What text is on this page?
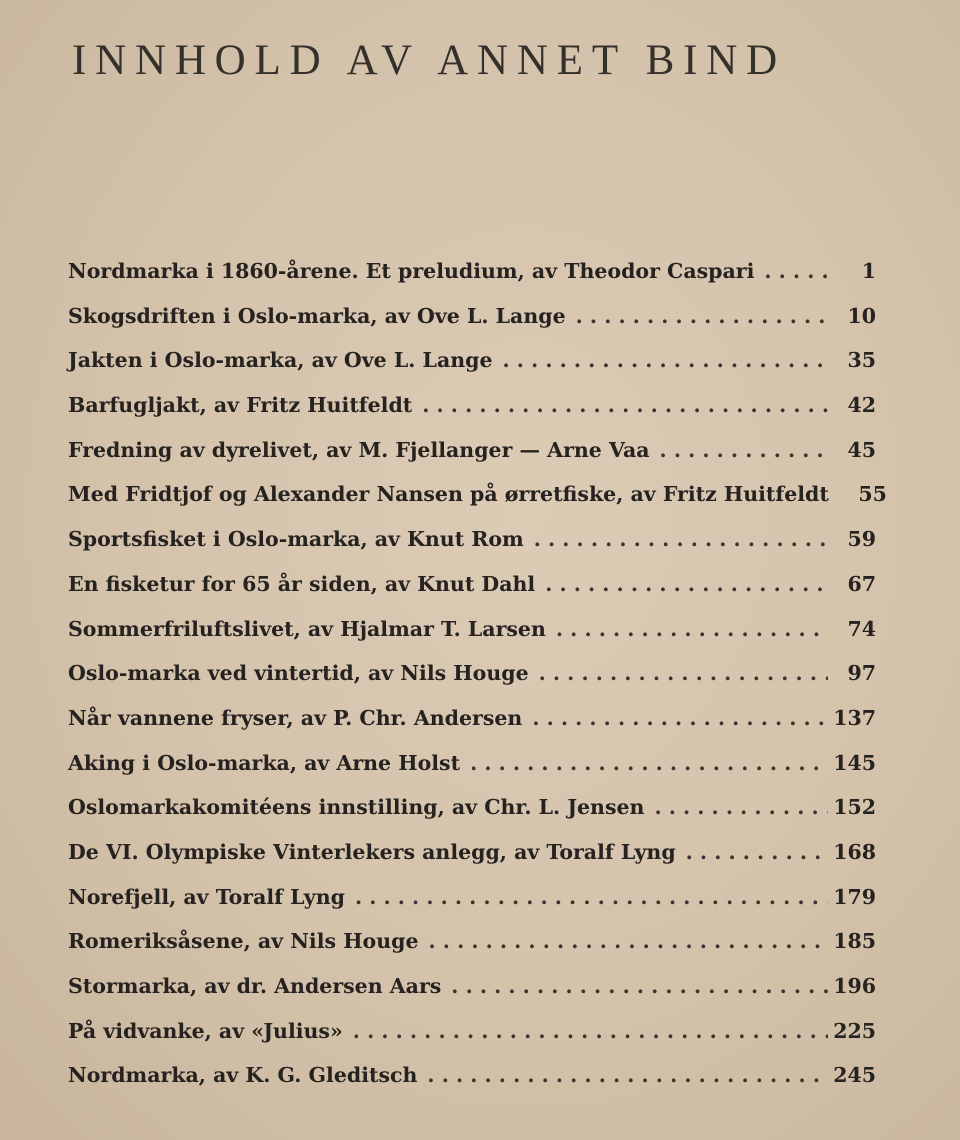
INNHOLD AV ANNET BIND
Nordmarka i 1860-årene. Et preludium, av Theodor Caspari . . .	1
Skogsdriften i Oslo-marka, av Ove L. Lange . . .	10
Jakten i Oslo-marka, av Ove L. Lange . . .	35
Barfugljakt, av Fritz Huitfeldt . . .	42
Fredning av dyrelivet, av M. Fjellanger — Arne Vaa . . .	45
Med Fridtjof og Alexander Nansen på ørretfiske, av Fritz Huitfeldt	55
Sportsfisket i Oslo-marka, av Knut Rom . . .	59
En fisketur for 65 år siden, av Knut Dahl . . .	67
Sommerfriluftslivet, av Hjalmar T. Larsen . . .	74
Oslo-marka ved vintertid, av Nils Houge . . .	97
Når vannene fryser, av P. Chr. Andersen . . .	137
Aking i Oslo-marka, av Arne Holst . . .	145
Oslomarkakomitéens innstilling, av Chr. L. Jensen . . .	152
De VI. Olympiske Vinterlekers anlegg, av Toralf Lyng . . .	168
Norefjell, av Toralf Lyng . . .	179
Romeriksåsene, av Nils Houge . . .	185
Stormarka, av dr. Andersen Aars . . .	196
På vidvanke, av «Julius» . . .	225
Nordmarka, av K. G. Gleditsch . . .	245
